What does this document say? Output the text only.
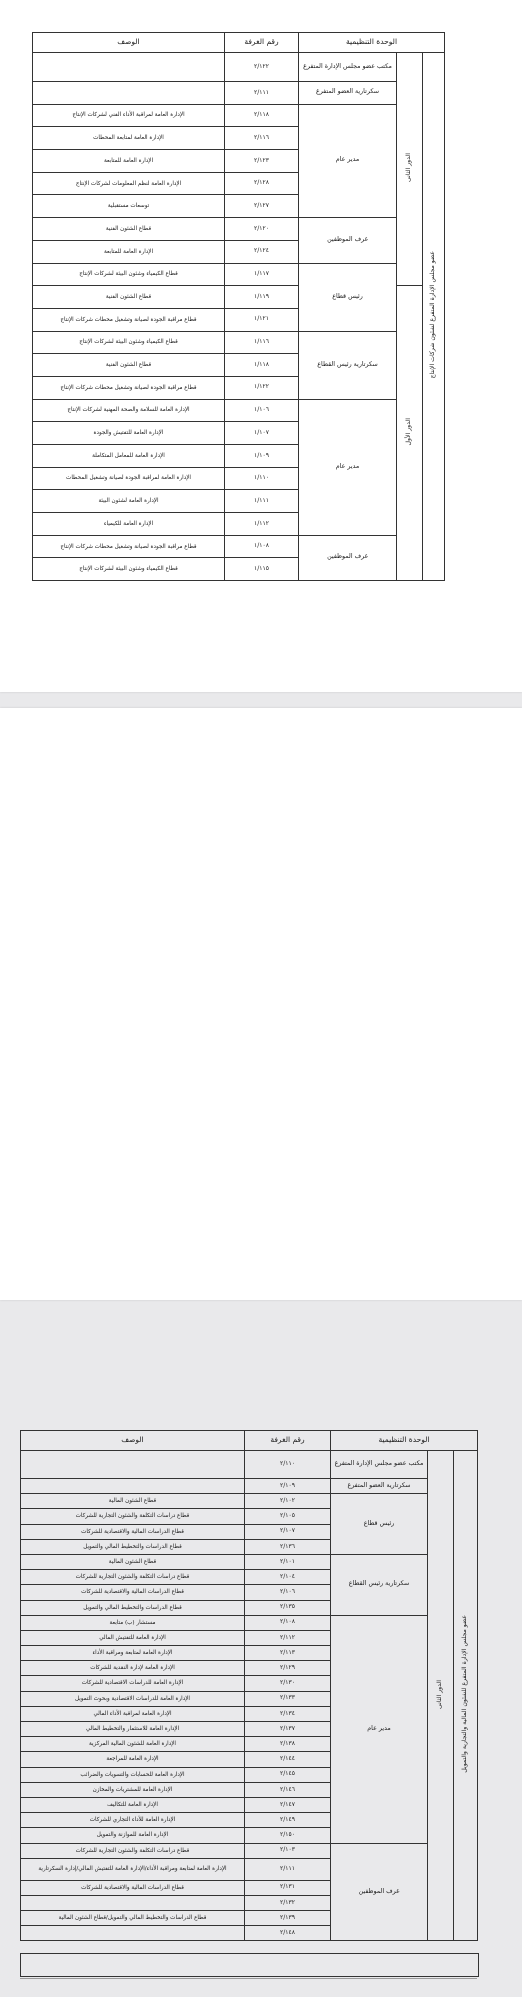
الوحدة التنظيمية			رقم الغرفة	الوصف
عضو مجلس الإدارة المتفرغ لشئون شركات الإنتاج	الدور الثانى	مكتب عضو مجلس الإدارة المتفرغ	٢/١٢٢	
		سكرتارية العضو المتفرغ	٢/١١١	
		مدير عام	٢/١١٨	الإدارة العامة لمراقبة الأداء الفني لشركات الإنتاج
			٢/١١٦	الإدارة العامة لمتابعة المحطات
			٢/١٢٣	الإدارة العامة للمتابعة
			٢/١٢٨	الإدارة العامة لنظم المعلومات لشركات الإنتاج
			٢/١٢٧	توسعات مستقبلية
		غرف الموظفين	٢/١٢٠	قطاع الشئون الفنية
			٢/١٢٤	الإدارة العامة للمتابعة
		رئيس قطاع	١/١١٧	قطاع الكيمياء وشئون البيئة لشركات الإنتاج
	الدور الأول		١/١١٩	قطاع الشئون الفنية
			١/١٢١	قطاع مراقبة الجودة لصيانة وتشغيل محطات شركات الإنتاج
		سكرتارية رئيس القطاع	١/١١٦	قطاع الكيمياء وشئون البيئة لشركات الإنتاج
			١/١١٨	قطاع الشئون الفنية
			١/١٢٢	قطاع مراقبة الجودة لصيانة وتشغيل محطات شركات الإنتاج
		مدير عام	١/١٠٦	الإدارة العامة للسلامة والصحة المهنية لشركات الإنتاج
			١/١٠٧	الإدارة العامة للتفتيش والجودة
			١/١٠٩	الإدارة العامة للمعامل المتكاملة
			١/١١٠	الإدارة العامة لمراقبة الجودة لصيانة وتشغيل المحطات
			١/١١١	الإدارة العامة لشئون البيئة
			١/١١٢	الإدارة العامة للكيمياء
		غرف الموظفين	١/١٠٨	قطاع مراقبة الجودة لصيانة وتشغيل محطات شركات الإنتاج
			١/١١٥	قطاع الكيمياء وشئون البيئة لشركات الإنتاج
الوحدة التنظيمية			رقم الغرفة	الوصف
عضو مجلس الإدارة المتفرغ للشئون المالية والتجارية والتمويل	الدور الثانى	مكتب عضو مجلس الإدارة المتفرغ	٢/١١٠	
		سكرتارية العضو المتفرغ	٢/١٠٩	
		رئيس قطاع	٢/١٠٢	قطاع الشئون المالية
			٢/١٠٥	قطاع دراسات التكلفة والشئون التجارية للشركات
			٢/١٠٧	قطاع الدراسات المالية والاقتصادية للشركات
			٢/١٣٦	قطاع الدراسات والتخطيط المالي والتمويل
		سكرتارية رئيس القطاع	٢/١٠١	قطاع الشئون المالية
			٢/١٠٤	قطاع دراسات التكلفة والشئون التجارية للشركات
			٢/١٠٦	قطاع الدراسات المالية والاقتصادية للشركات
			٢/١٣٥	قطاع الدراسات والتخطيط المالي والتمويل
		مدير عام	٢/١٠٨	مستشار (ب) متابعة
			٢/١١٢	الإدارة العامة للتفتيش المالي
			٢/١١٣	الإدارة العامة لمتابعة ومراقبة الأداء
			٢/١٢٩	الإدارة العامة لإدارة النقدية للشركات
			٢/١٣٠	الإدارة العامة للدراسات الاقتصادية للشركات
			٢/١٣٣	الإدارة العامة للدراسات الاقتصادية وبحوث التمويل
			٢/١٣٤	الإدارة العامة لمراقبة الأداء المالي
			٢/١٣٧	الإدارة العامة للاستثمار والتخطيط المالي
			٢/١٣٨	الإدارة العامة للشئون المالية المركزية
			٢/١٤٤	الإدارة العامة للمراجعة
			٢/١٤٥	الإدارة العامة للحسابات والتسويات والضرائب
			٢/١٤٦	الإدارة العامة للمشتريات والمخازن
			٢/١٤٧	الإدارة العامة للتكاليف
			٢/١٤٩	الإدارة العامة للأداء التجاري للشركات
			٢/١٥٠	الإدارة العامة للموازنة والتمويل
		غرف الموظفين	٢/١٠٣	قطاع دراسات التكلفة والشئون التجارية للشركات
			٢/١١١	الإدارة العامة لمتابعة ومراقبة الأداء/الإدارة العامة للتفتيش المالي/إدارة السكرتارية
			٢/١٣١	قطاع الدراسات المالية والاقتصادية للشركات
			٢/١٣٢	
			٢/١٣٩	قطاع الدراسات والتخطيط المالي والتمويل/قطاع الشئون المالية
			٢/١٤٨	
